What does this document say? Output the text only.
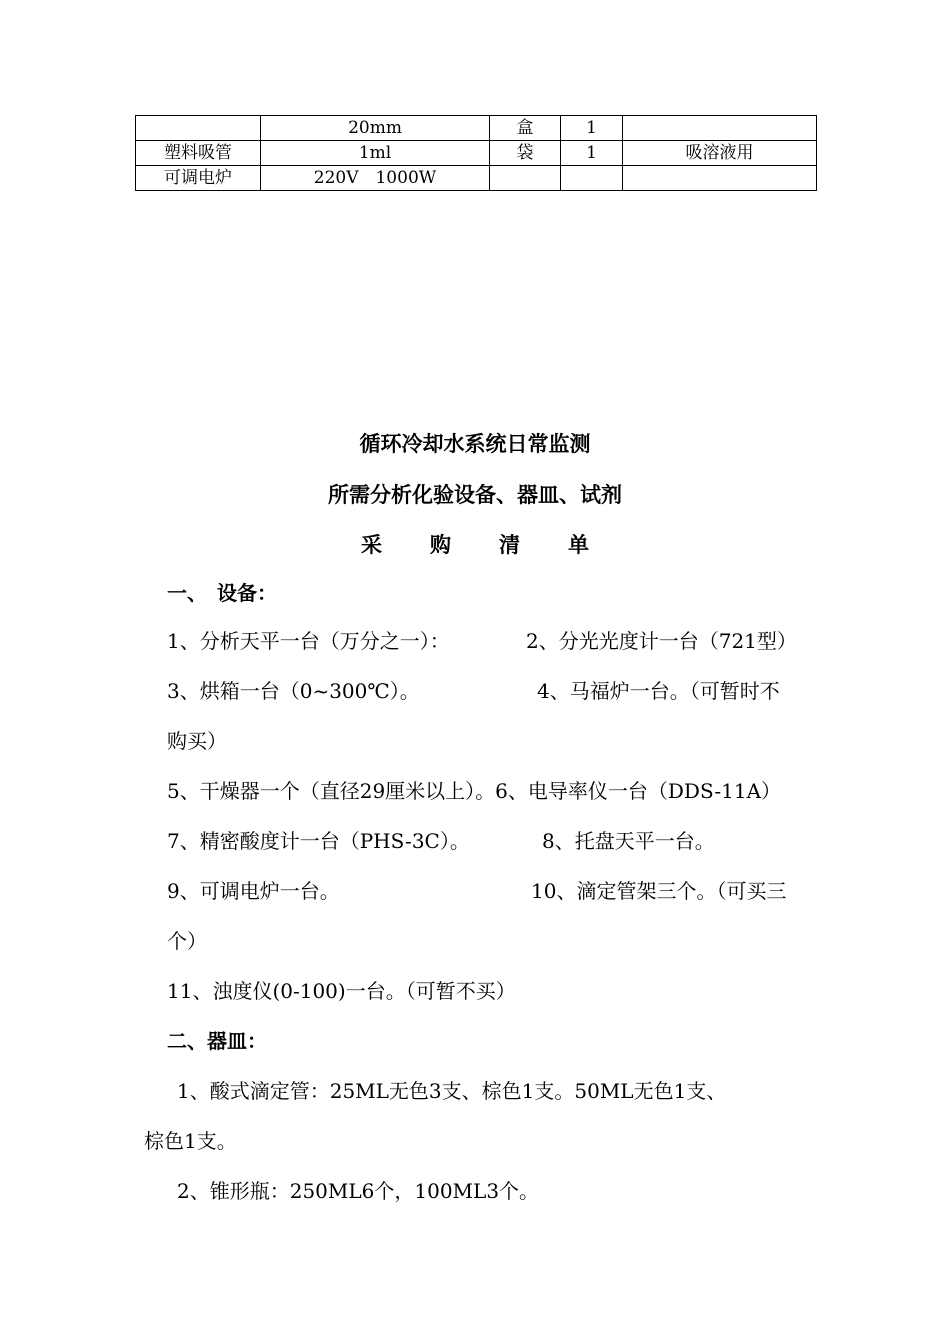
	20mm	盒	1	
塑料吸管	1ml	袋	1	吸溶液用
可调电炉	220V　1000W			
循环冷却水系统日常监测
所需分析化验设备、器皿、试剂
采 购 清 单
一、　设备：
1、分析天平一台（万分之一）：	2、分光光度计一台（721型）
3、烘箱一台（0~300℃）。	4、马福炉一台。（可暂时不
购买）
5、干燥器一个（直径29厘米以上）。6、电导率仪一台（DDS-11A）
7、精密酸度计一台（PHS-3C）。	8、托盘天平一台。
9、可调电炉一台。	10、滴定管架三个。（可买三
个）
11、浊度仪(0-100)一台。（可暂不买）
二、器皿：
1、酸式滴定管：25ML无色3支、棕色1支。50ML无色1支、
棕色1支。
2、锥形瓶：250ML6个，100ML3个。
